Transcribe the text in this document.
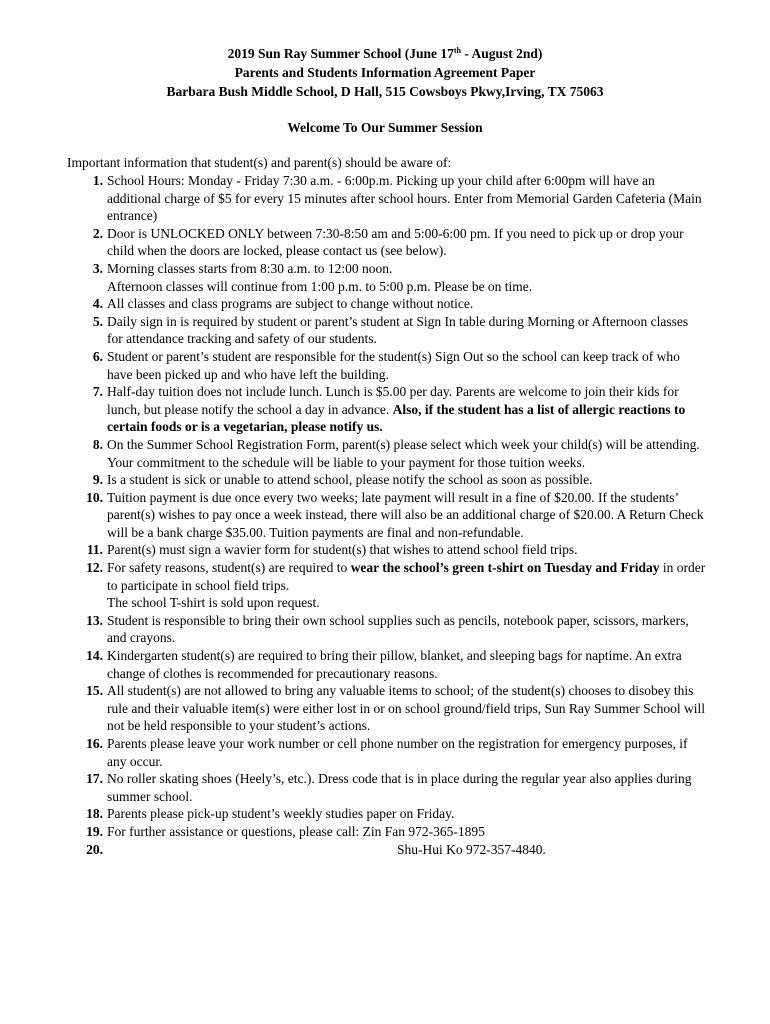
2019 Sun Ray Summer School (June 17th - August 2nd)
Parents and Students Information Agreement Paper
Barbara Bush Middle School, D Hall, 515 Cowsboys Pkwy,Irving, TX 75063
Welcome To Our Summer Session
Important information that student(s) and parent(s) should be aware of:
1. School Hours: Monday - Friday 7:30 a.m. - 6:00p.m. Picking up your child after 6:00pm will have an additional charge of $5 for every 15 minutes after school hours. Enter from Memorial Garden Cafeteria (Main entrance)
2. Door is UNLOCKED ONLY between 7:30-8:50 am and 5:00-6:00 pm. If you need to pick up or drop your child when the doors are locked, please contact us (see below).
3. Morning classes starts from 8:30 a.m. to 12:00 noon.
Afternoon classes will continue from 1:00 p.m. to 5:00 p.m. Please be on time.
4. All classes and class programs are subject to change without notice.
5. Daily sign in is required by student or parent’s student at Sign In table during Morning or Afternoon classes for attendance tracking and safety of our students.
6. Student or parent’s student are responsible for the student(s) Sign Out so the school can keep track of who have been picked up and who have left the building.
7. Half-day tuition does not include lunch. Lunch is $5.00 per day. Parents are welcome to join their kids for lunch, but please notify the school a day in advance. Also, if the student has a list of allergic reactions to certain foods or is a vegetarian, please notify us.
8. On the Summer School Registration Form, parent(s) please select which week your child(s) will be attending. Your commitment to the schedule will be liable to your payment for those tuition weeks.
9. Is a student is sick or unable to attend school, please notify the school as soon as possible.
10. Tuition payment is due once every two weeks; late payment will result in a fine of $20.00. If the students’ parent(s) wishes to pay once a week instead, there will also be an additional charge of $20.00. A Return Check will be a bank charge $35.00. Tuition payments are final and non-refundable.
11. Parent(s) must sign a wavier form for student(s) that wishes to attend school field trips.
12. For safety reasons, student(s) are required to wear the school’s green t-shirt on Tuesday and Friday in order to participate in school field trips.
The school T-shirt is sold upon request.
13. Student is responsible to bring their own school supplies such as pencils, notebook paper, scissors, markers, and crayons.
14. Kindergarten student(s) are required to bring their pillow, blanket, and sleeping bags for naptime. An extra change of clothes is recommended for precautionary reasons.
15. All student(s) are not allowed to bring any valuable items to school; of the student(s) chooses to disobey this rule and their valuable item(s) were either lost in or on school ground/field trips, Sun Ray Summer School will not be held responsible to your student’s actions.
16. Parents please leave your work number or cell phone number on the registration for emergency purposes, if any occur.
17. No roller skating shoes (Heely’s, etc.). Dress code that is in place during the regular year also applies during summer school.
18. Parents please pick-up student’s weekly studies paper on Friday.
19. For further assistance or questions, please call: Zin Fan 972-365-1895
20.	Shu-Hui Ko 972-357-4840.
